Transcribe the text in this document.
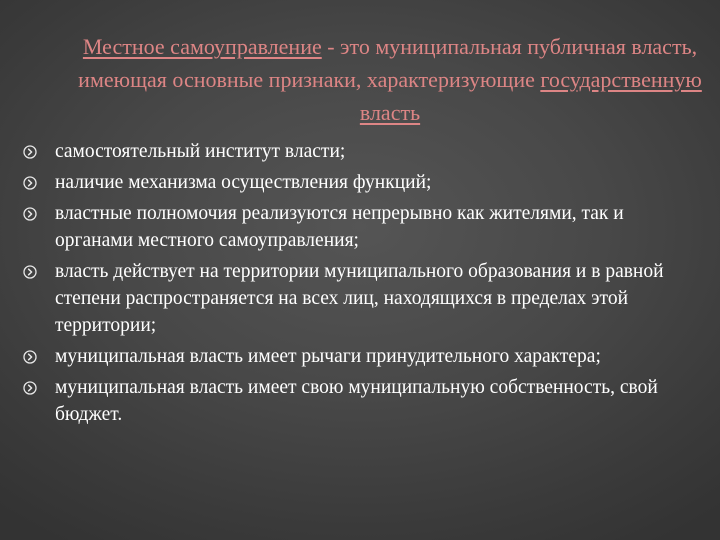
Местное самоуправление - это муниципальная публичная власть, имеющая основные признаки, характеризующие государственную власть
самостоятельный институт власти;
наличие механизма осуществления функций;
властные полномочия реализуются непрерывно как жителями, так и органами местного самоуправления;
власть действует на территории муниципального образования и в равной степени распространяется на всех лиц, находящихся в пределах этой территории;
муниципальная власть имеет рычаги принудительного характера;
муниципальная власть имеет свою муниципальную собственность, свой бюджет.
